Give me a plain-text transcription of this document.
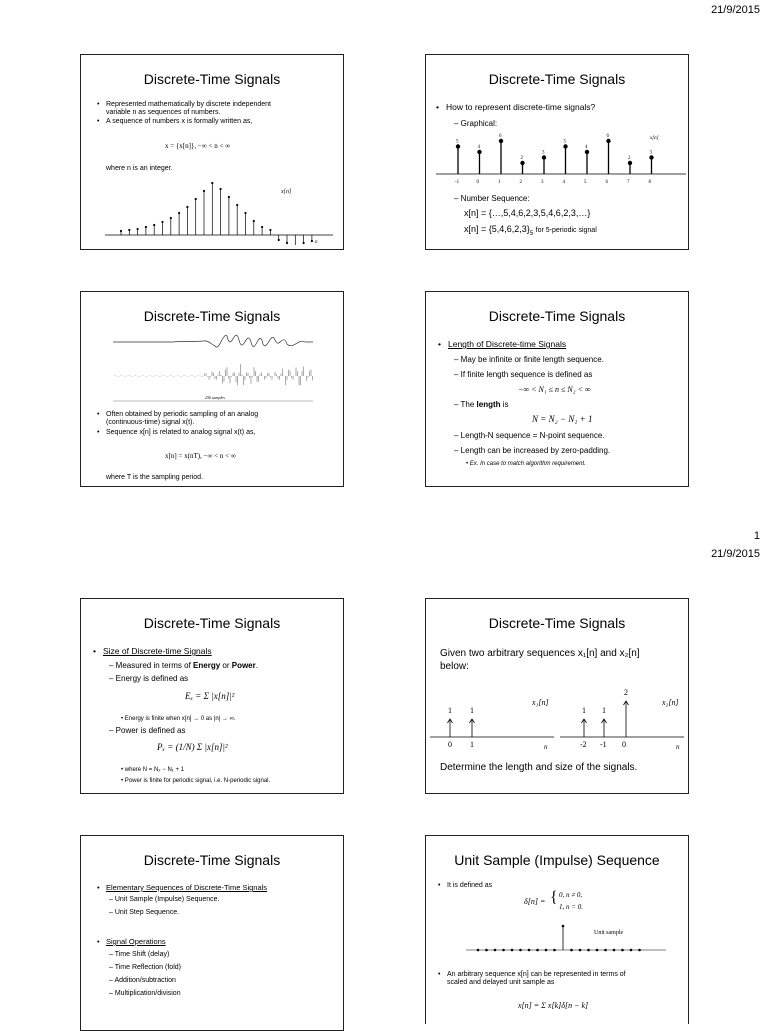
21/9/2015
1
21/9/2015
Discrete-Time Signals
• Represented mathematically by discrete independent
variable n as sequences of numbers.
• A sequence of numbers x is formally written as,
x = {x[n]}, −∞ < n < ∞
where n is an integer.
x[n]
n
Discrete-Time Signals
• How to represent discrete-time signals?
– Graphical:
5
-1
4
0
6
1
2
2
3
3
5
4
4
5
6
6
2
7
3
8
x[n]
– Number Sequence:
x[n] = {…,5,4,6,2,3,5,4,6,2,3,…}
$x[n] = \{5,4,6,2,3\}_5$ for 5-periodic signal
Discrete-Time Signals
256 samples
• Often obtained by periodic sampling of an analog
(continuous-time) signal x(t).
• Sequence x[n] is related to analog signal x(t) as,
x[n] = x(nT), −∞ < n < ∞
where T is the sampling period.
Discrete-Time Signals
• Length of Discrete-time Signals
– May be infinite or finite length sequence.
– If finite length sequence is defined as
−∞ < N₁ ≤ n ≤ N₂ < ∞
– The length is
N = N₂ − N₁ + 1
– Length-N sequence = N-point sequence.
– Length can be increased by zero-padding.
• Ex. In case to match algorithm requirement.
Discrete-Time Signals
• Size of Discrete-time Signals
– Measured in terms of Energy or Power.
– Energy is defined as
Eₓ = Σ |x[n]|²
• Energy is finite when x[n] → 0 as |n| → ∞.
– Power is defined as
Pₓ = (1/N) Σ |x[n]|²
• where N = N₂ − N₁ + 1
• Power is finite for periodic signal, i.e. N-periodic signal.
Discrete-Time Signals
Given two arbitrary sequences x₁[n] and x₂[n]
below:
1
0
1
1
1
-2
1
-1
2
0
x₁[n]	x₂[n]
n	n
Determine the length and size of the signals.
Discrete-Time Signals
• Elementary Sequences of Discrete-Time Signals
– Unit Sample (Impulse) Sequence.
– Unit Step Sequence.
• Signal Operations
– Time Shift (delay)
– Time Reflection (fold)
– Addition/subtraction
– Multiplication/division
Unit Sample (Impulse) Sequence
• It is defined as
δ[n] = { 0, n ≠ 0,
1, n = 0.
Unit sample
• An arbitrary sequence x[n] can be represented in terms of
scaled and delayed unit sample as
x[n] = Σ x[k]δ[n − k]
